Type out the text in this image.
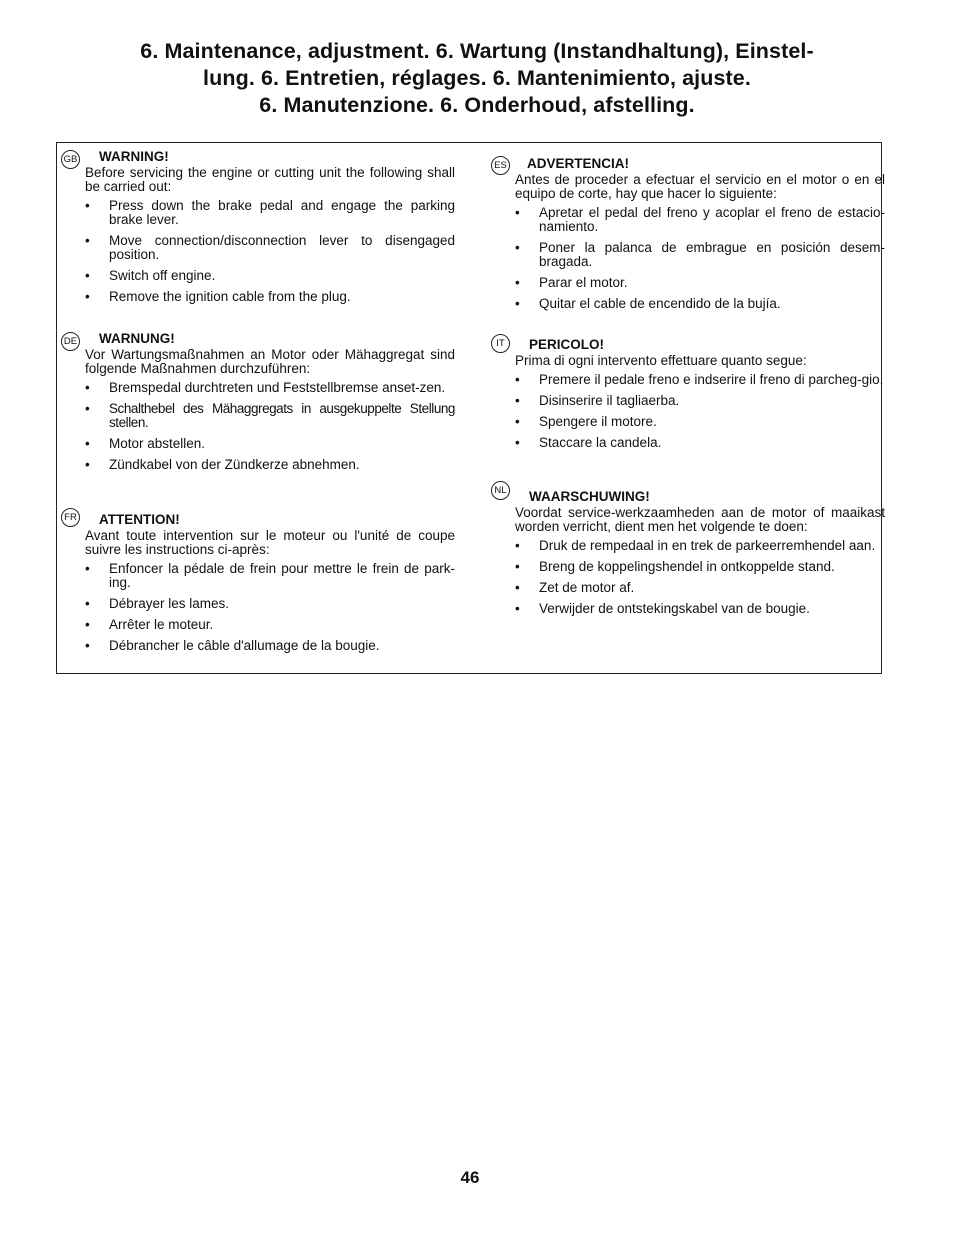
6. Maintenance, adjustment. 6. Wartung (Instandhaltung), Einstel-
lung. 6. Entretien, réglages. 6. Mantenimiento, ajuste.
6. Manutenzione. 6. Onderhoud, afstelling.
GB WARNING!
Before servicing the engine or cutting unit the following shall be carried out:
• Press down the brake pedal and engage the parking brake lever.
• Move connection/disconnection lever to disengaged position.
• Switch off engine.
• Remove the ignition cable from the plug.
DE WARNUNG!
Vor Wartungsmaßnahmen an Motor oder Mähaggregat sind folgende Maßnahmen durchzuführen:
• Bremspedal durchtreten und Feststellbremse anset-zen.
• Schalthebel des Mähaggregats in ausgekuppelte Stellung stellen.
• Motor abstellen.
• Zündkabel von der Zündkerze abnehmen.
FR ATTENTION!
Avant toute intervention sur le moteur ou l'unité de coupe suivre les instructions ci-après:
• Enfoncer la pédale de frein pour mettre le frein de park-ing.
• Débrayer les lames.
• Arrêter le moteur.
• Débrancher le câble d'allumage de la bougie.
ES ADVERTENCIA!
Antes de proceder a efectuar el servicio en el motor o en el equipo de corte, hay que hacer lo siguiente:
• Apretar el pedal del freno y acoplar el freno de estacio-namiento.
• Poner la palanca de embrague en posición desem-bragada.
• Parar el motor.
• Quitar el cable de encendido de la bujía.
IT	PERICOLO!
Prima di ogni intervento effettuare quanto segue:
• Premere il pedale freno e indserire il freno di parcheg-gio.
• Disinserire il tagliaerba.
• Spengere il motore.
• Staccare la candela.
NL WAARSCHUWING!
Voordat service-werkzaamheden aan de motor of maaikast worden verricht, dient men het volgende te doen:
• Druk de rempedaal in en trek de parkeerremhendel aan.
• Breng de koppelingshendel in ontkoppelde stand.
• Zet de motor af.
• Verwijder de ontstekingskabel van de bougie.
46
